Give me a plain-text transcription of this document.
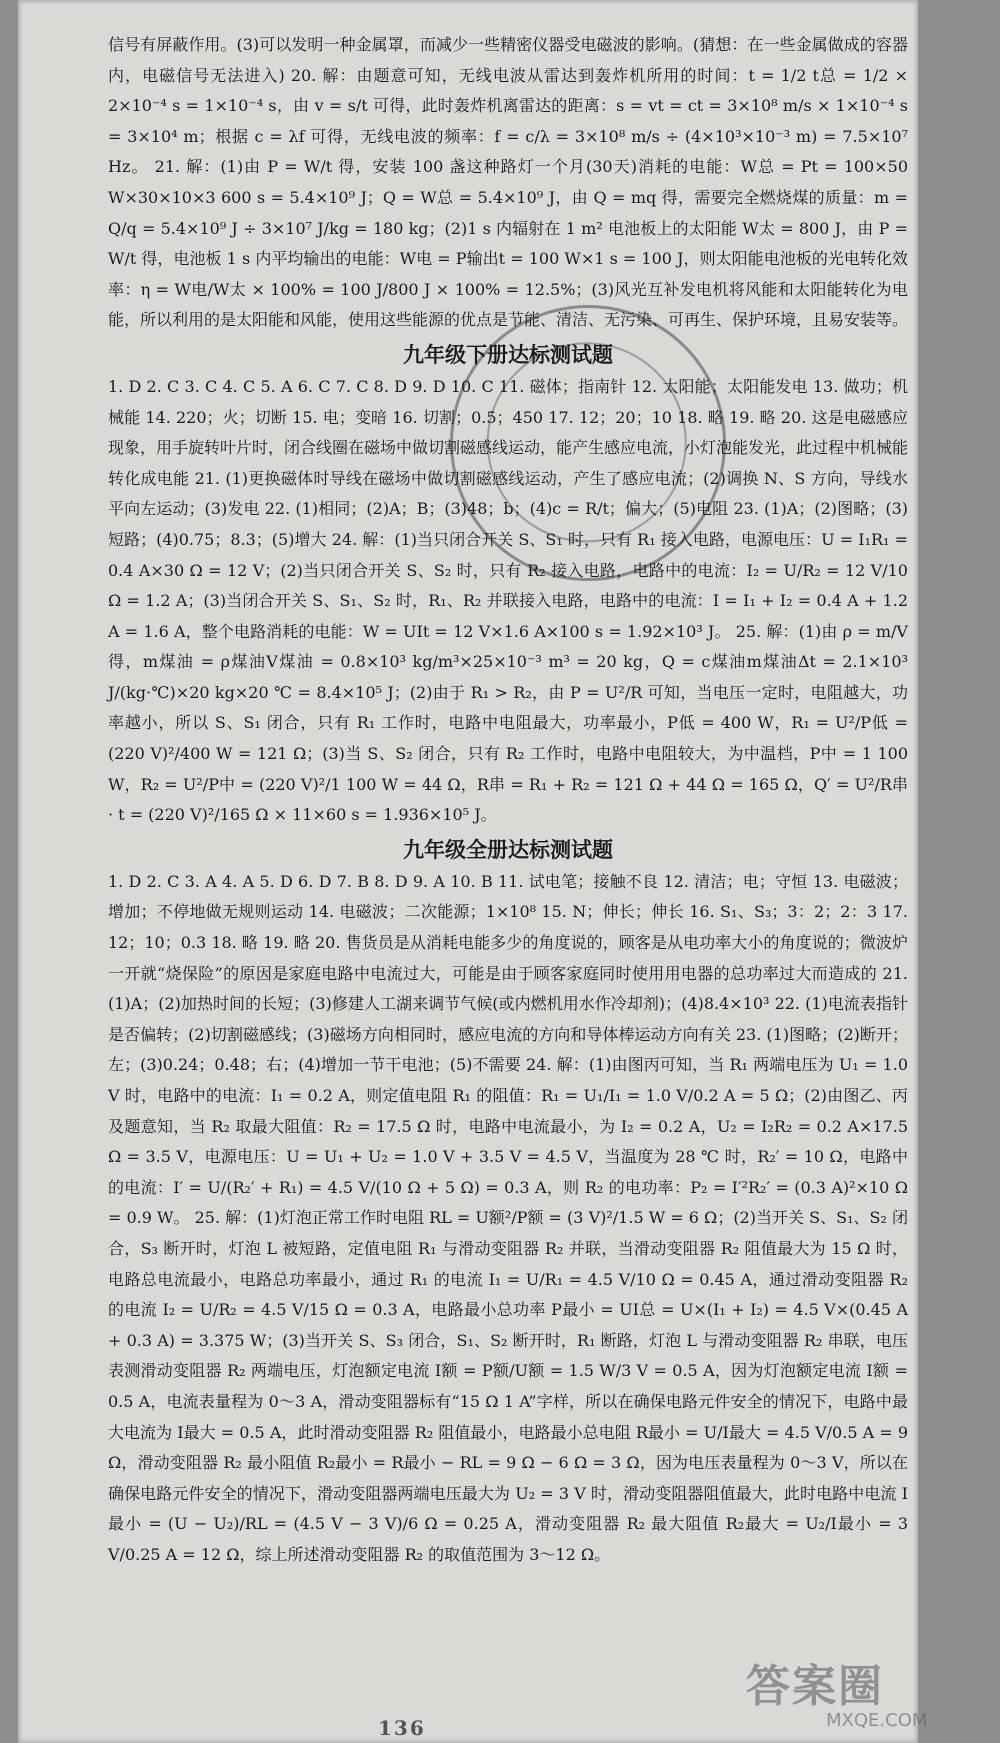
信号有屏蔽作用。(3)可以发明一种金属罩，而减少一些精密仪器受电磁波的影响。(猜想：在一些金属做成的容器内，电磁信号无法进入) 20. 解：由题意可知，无线电波从雷达到轰炸机所用的时间：t = 1/2 t总 = 1/2 × 2×10⁻⁴ s = 1×10⁻⁴ s，由 v = s/t 可得，此时轰炸机离雷达的距离：s = vt = ct = 3×10⁸ m/s × 1×10⁻⁴ s = 3×10⁴ m；根据 c = λf 可得，无线电波的频率：f = c/λ = 3×10⁸ m/s ÷ (4×10³×10⁻³ m) = 7.5×10⁷ Hz。 21. 解：(1)由 P = W/t 得，安装 100 盏这种路灯一个月(30天)消耗的电能：W总 = Pt = 100×50 W×30×10×3 600 s = 5.4×10⁹ J；Q = W总 = 5.4×10⁹ J，由 Q = mq 得，需要完全燃烧煤的质量：m = Q/q = 5.4×10⁹ J ÷ 3×10⁷ J/kg = 180 kg；(2)1 s 内辐射在 1 m² 电池板上的太阳能 W太 = 800 J，由 P = W/t 得，电池板 1 s 内平均输出的电能：W电 = P输出t = 100 W×1 s = 100 J，则太阳能电池板的光电转化效率：η = W电/W太 × 100% = 100 J/800 J × 100% = 12.5%；(3)风光互补发电机将风能和太阳能转化为电能，所以利用的是太阳能和风能，使用这些能源的优点是节能、清洁、无污染、可再生、保护环境，且易安装等。

九年级下册达标测试题

1. D 2. C 3. C 4. C 5. A 6. C 7. C 8. D 9. D 10. C 11. 磁体；指南针 12. 太阳能；太阳能发电 13. 做功；机械能 14. 220；火；切断 15. 电；变暗 16. 切割；0.5；450 17. 12；20；10 18. 略 19. 略 20. 这是电磁感应现象，用手旋转叶片时，闭合线圈在磁场中做切割磁感线运动，能产生感应电流，小灯泡能发光，此过程中机械能转化成电能 21. (1)更换磁体时导线在磁场中做切割磁感线运动，产生了感应电流；(2)调换 N、S 方向，导线水平向左运动；(3)发电 22. (1)相同；(2)A；B；(3)48；b；(4)c = R/t；偏大；(5)电阻 23. (1)A；(2)图略；(3)短路；(4)0.75；8.3；(5)增大 24. 解：(1)当只闭合开关 S、S₁ 时，只有 R₁ 接入电路，电源电压：U = I₁R₁ = 0.4 A×30 Ω = 12 V；(2)当只闭合开关 S、S₂ 时，只有 R₂ 接入电路，电路中的电流：I₂ = U/R₂ = 12 V/10 Ω = 1.2 A；(3)当闭合开关 S、S₁、S₂ 时，R₁、R₂ 并联接入电路，电路中的电流：I = I₁ + I₂ = 0.4 A + 1.2 A = 1.6 A，整个电路消耗的电能：W = UIt = 12 V×1.6 A×100 s = 1.92×10³ J。 25. 解：(1)由 ρ = m/V 得，m煤油 = ρ煤油V煤油 = 0.8×10³ kg/m³×25×10⁻³ m³ = 20 kg，Q = c煤油m煤油Δt = 2.1×10³ J/(kg·℃)×20 kg×20 ℃ = 8.4×10⁵ J；(2)由于 R₁ > R₂，由 P = U²/R 可知，当电压一定时，电阻越大，功率越小，所以 S、S₁ 闭合，只有 R₁ 工作时，电路中电阻最大，功率最小，P低 = 400 W，R₁ = U²/P低 = (220 V)²/400 W = 121 Ω；(3)当 S、S₂ 闭合，只有 R₂ 工作时，电路中电阻较大，为中温档，P中 = 1 100 W，R₂ = U²/P中 = (220 V)²/1 100 W = 44 Ω，R串 = R₁ + R₂ = 121 Ω + 44 Ω = 165 Ω，Q′ = U²/R串 · t = (220 V)²/165 Ω × 11×60 s = 1.936×10⁵ J。

九年级全册达标测试题

1. D 2. C 3. A 4. A 5. D 6. D 7. B 8. D 9. A 10. B 11. 试电笔；接触不良 12. 清洁；电；守恒 13. 电磁波；增加；不停地做无规则运动 14. 电磁波；二次能源；1×10⁸ 15. N；伸长；伸长 16. S₁、S₃；3：2；2：3 17. 12；10；0.3 18. 略 19. 略 20. 售货员是从消耗电能多少的角度说的，顾客是从电功率大小的角度说的；微波炉一开就“烧保险”的原因是家庭电路中电流过大，可能是由于顾客家庭同时使用用电器的总功率过大而造成的 21. (1)A；(2)加热时间的长短；(3)修建人工湖来调节气候(或内燃机用水作冷却剂)；(4)8.4×10³ 22. (1)电流表指针是否偏转；(2)切割磁感线；(3)磁场方向相同时，感应电流的方向和导体棒运动方向有关 23. (1)图略；(2)断开；左；(3)0.24；0.48；右；(4)增加一节干电池；(5)不需要 24. 解：(1)由图丙可知，当 R₁ 两端电压为 U₁ = 1.0 V 时，电路中的电流：I₁ = 0.2 A，则定值电阻 R₁ 的阻值：R₁ = U₁/I₁ = 1.0 V/0.2 A = 5 Ω；(2)由图乙、丙及题意知，当 R₂ 取最大阻值：R₂ = 17.5 Ω 时，电路中电流最小，为 I₂ = 0.2 A，U₂ = I₂R₂ = 0.2 A×17.5 Ω = 3.5 V，电源电压：U = U₁ + U₂ = 1.0 V + 3.5 V = 4.5 V，当温度为 28 ℃ 时，R₂′ = 10 Ω，电路中的电流：I′ = U/(R₂′ + R₁) = 4.5 V/(10 Ω + 5 Ω) = 0.3 A，则 R₂ 的电功率：P₂ = I′²R₂′ = (0.3 A)²×10 Ω = 0.9 W。 25. 解：(1)灯泡正常工作时电阻 RL = U额²/P额 = (3 V)²/1.5 W = 6 Ω；(2)当开关 S、S₁、S₂ 闭合，S₃ 断开时，灯泡 L 被短路，定值电阻 R₁ 与滑动变阻器 R₂ 并联，当滑动变阻器 R₂ 阻值最大为 15 Ω 时，电路总电流最小，电路总功率最小，通过 R₁ 的电流 I₁ = U/R₁ = 4.5 V/10 Ω = 0.45 A，通过滑动变阻器 R₂ 的电流 I₂ = U/R₂ = 4.5 V/15 Ω = 0.3 A，电路最小总功率 P最小 = UI总 = U×(I₁ + I₂) = 4.5 V×(0.45 A + 0.3 A) = 3.375 W；(3)当开关 S、S₃ 闭合，S₁、S₂ 断开时，R₁ 断路，灯泡 L 与滑动变阻器 R₂ 串联，电压表测滑动变阻器 R₂ 两端电压，灯泡额定电流 I额 = P额/U额 = 1.5 W/3 V = 0.5 A，因为灯泡额定电流 I额 = 0.5 A，电流表量程为 0～3 A，滑动变阻器标有“15 Ω 1 A”字样，所以在确保电路元件安全的情况下，电路中最大电流为 I最大 = 0.5 A，此时滑动变阻器 R₂ 阻值最小，电路最小总电阻 R最小 = U/I最大 = 4.5 V/0.5 A = 9 Ω，滑动变阻器 R₂ 最小阻值 R₂最小 = R最小 − RL = 9 Ω − 6 Ω = 3 Ω，因为电压表量程为 0～3 V，所以在确保电路元件安全的情况下，滑动变阻器两端电压最大为 U₂ = 3 V 时，滑动变阻器阻值最大，此时电路中电流 I最小 = (U − U₂)/RL = (4.5 V − 3 V)/6 Ω = 0.25 A，滑动变阻器 R₂ 最大阻值 R₂最大 = U₂/I最小 = 3 V/0.25 A = 12 Ω，综上所述滑动变阻器 R₂ 的取值范围为 3～12 Ω。

136
答案圈
MXQE.COM
